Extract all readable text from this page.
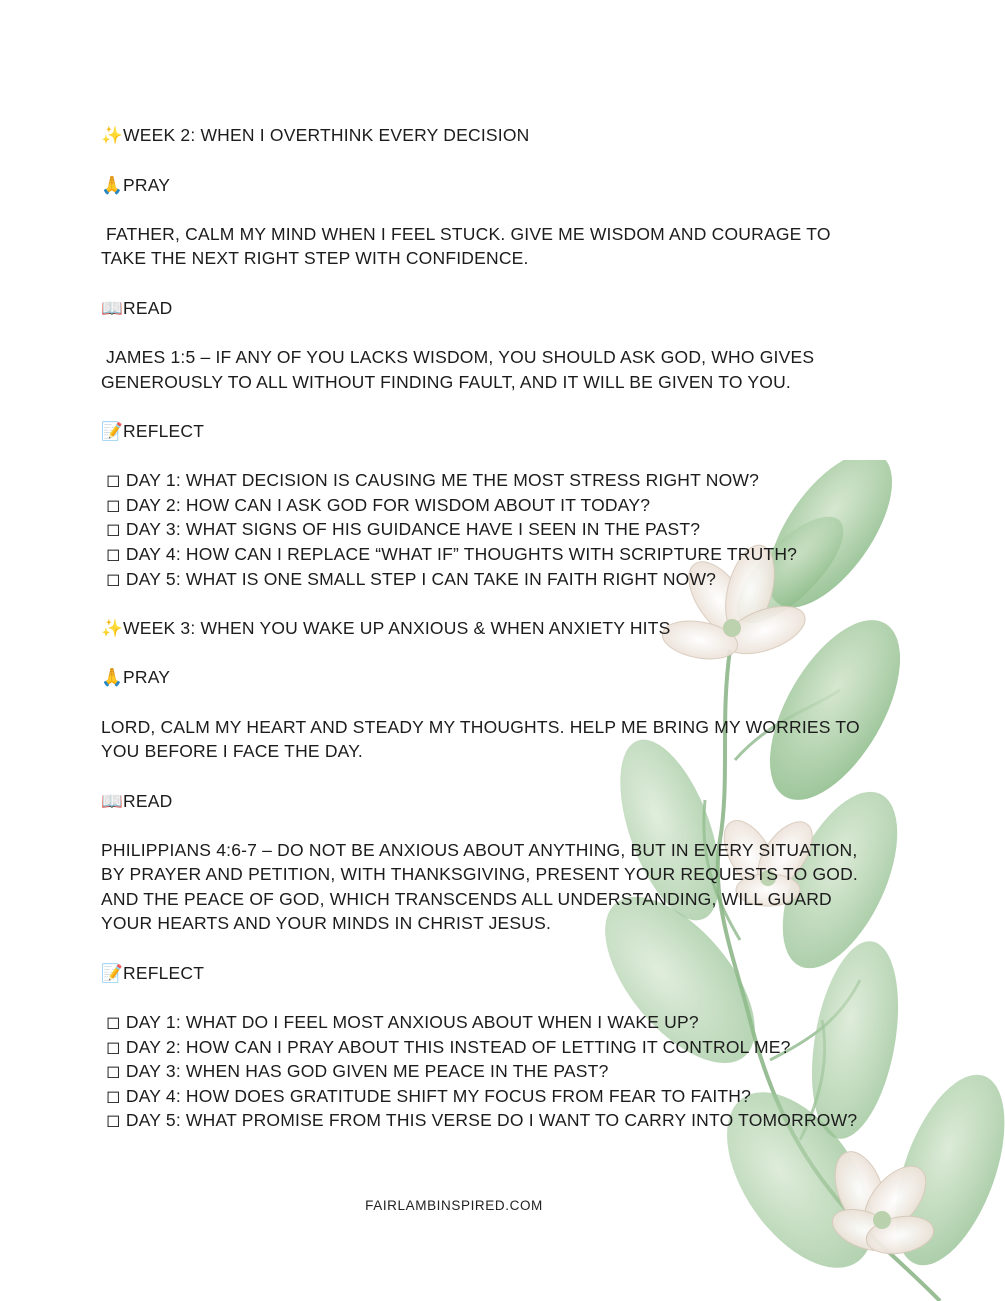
✨WEEK 2: WHEN I OVERTHINK EVERY DECISION
🙏PRAY
FATHER, CALM MY MIND WHEN I FEEL STUCK. GIVE ME WISDOM AND COURAGE TO
TAKE THE NEXT RIGHT STEP WITH CONFIDENCE.
📖READ
JAMES 1:5 – IF ANY OF YOU LACKS WISDOM, YOU SHOULD ASK GOD, WHO GIVES
GENEROUSLY TO ALL WITHOUT FINDING FAULT, AND IT WILL BE GIVEN TO YOU.
📝REFLECT
◻ DAY 1: WHAT DECISION IS CAUSING ME THE MOST STRESS RIGHT NOW?
◻ DAY 2: HOW CAN I ASK GOD FOR WISDOM ABOUT IT TODAY?
◻ DAY 3: WHAT SIGNS OF HIS GUIDANCE HAVE I SEEN IN THE PAST?
◻ DAY 4: HOW CAN I REPLACE “WHAT IF” THOUGHTS WITH SCRIPTURE TRUTH?
◻ DAY 5: WHAT IS ONE SMALL STEP I CAN TAKE IN FAITH RIGHT NOW?
✨WEEK 3: WHEN YOU WAKE UP ANXIOUS & WHEN ANXIETY HITS
🙏PRAY
LORD, CALM MY HEART AND STEADY MY THOUGHTS. HELP ME BRING MY WORRIES TO
YOU BEFORE I FACE THE DAY.
📖READ
PHILIPPIANS 4:6-7 – DO NOT BE ANXIOUS ABOUT ANYTHING, BUT IN EVERY SITUATION,
BY PRAYER AND PETITION, WITH THANKSGIVING, PRESENT YOUR REQUESTS TO GOD.
AND THE PEACE OF GOD, WHICH TRANSCENDS ALL UNDERSTANDING, WILL GUARD
YOUR HEARTS AND YOUR MINDS IN CHRIST JESUS.
📝REFLECT
◻ DAY 1: WHAT DO I FEEL MOST ANXIOUS ABOUT WHEN I WAKE UP?
◻ DAY 2: HOW CAN I PRAY ABOUT THIS INSTEAD OF LETTING IT CONTROL ME?
◻ DAY 3: WHEN HAS GOD GIVEN ME PEACE IN THE PAST?
◻ DAY 4: HOW DOES GRATITUDE SHIFT MY FOCUS FROM FEAR TO FAITH?
◻ DAY 5: WHAT PROMISE FROM THIS VERSE DO I WANT TO CARRY INTO TOMORROW?
FAIRLAMBINSPIRED.COM
